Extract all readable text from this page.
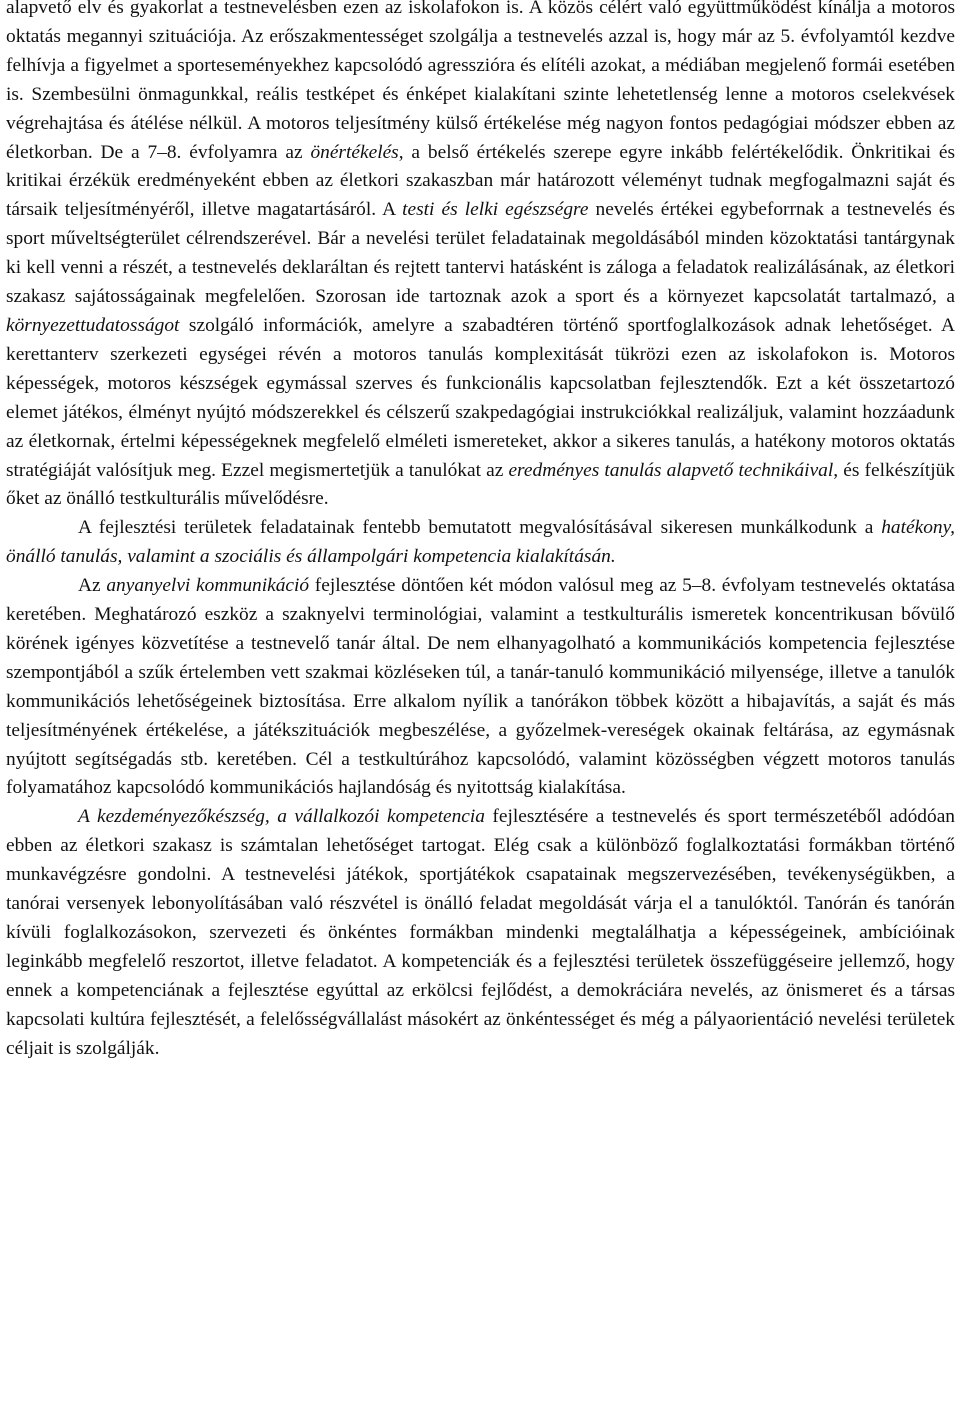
alapvető elv és gyakorlat a testnevelésben ezen az iskolafokon is. A közös célért való együttműködést kínálja a motoros oktatás megannyi szituációja. Az erőszakmentességet szolgálja a testnevelés azzal is, hogy már az 5. évfolyamtól kezdve felhívja a figyelmet a sporteseményekhez kapcsolódó agresszióra és elítéli azokat, a médiában megjelenő formái esetében is. Szembesülni önmagunkkal, reális testképet és énképet kialakítani szinte lehetetlenség lenne a motoros cselekvések végrehajtása és átélése nélkül. A motoros teljesítmény külső értékelése még nagyon fontos pedagógiai módszer ebben az életkorban. De a 7–8. évfolyamra az önértékelés, a belső értékelés szerepe egyre inkább felértékelődik. Önkritikai és kritikai érzékük eredményeként ebben az életkori szakaszban már határozott véleményt tudnak megfogalmazni saját és társaik teljesítményéről, illetve magatartásáról. A testi és lelki egészségre nevelés értékei egybeforrnak a testnevelés és sport műveltségterület célrendszerével. Bár a nevelési terület feladatainak megoldásából minden közoktatási tantárgynak ki kell venni a részét, a testnevelés deklaráltan és rejtett tantervi hatásként is záloga a feladatok realizálásának, az életkori szakasz sajátosságainak megfelelően. Szorosan ide tartoznak azok a sport és a környezet kapcsolatát tartalmazó, a környezettudatosságot szolgáló információk, amelyre a szabadtéren történő sportfoglalkozások adnak lehetőséget. A kerettanterv szerkezeti egységei révén a motoros tanulás komplexitását tükrözi ezen az iskolafokon is. Motoros képességek, motoros készségek egymással szerves és funkcionális kapcsolatban fejlesztendők. Ezt a két összetartozó elemet játékos, élményt nyújtó módszerekkel és célszerű szakpedagógiai instrukciókkal realizáljuk, valamint hozzáadunk az életkornak, értelmi képességeknek megfelelő elméleti ismereteket, akkor a sikeres tanulás, a hatékony motoros oktatás stratégiáját valósítjuk meg. Ezzel megismertetjük a tanulókat az eredményes tanulás alapvető technikáival, és felkészítjük őket az önálló testkulturális művelődésre.

A fejlesztési területek feladatainak fentebb bemutatott megvalósításával sikeresen munkálkodunk a hatékony, önálló tanulás, valamint a szociális és állampolgári kompetencia kialakításán.

Az anyanyelvi kommunikáció fejlesztése döntően két módon valósul meg az 5–8. évfolyam testnevelés oktatása keretében. Meghatározó eszköz a szaknyelvi terminológiai, valamint a testkulturális ismeretek koncentrikusan bővülő körének igényes közvetítése a testnevelő tanár által. De nem elhanyagolható a kommunikációs kompetencia fejlesztése szempontjából a szűk értelemben vett szakmai közléseken túl, a tanár-tanuló kommunikáció milyensége, illetve a tanulók kommunikációs lehetőségeinek biztosítása. Erre alkalom nyílik a tanórákon többek között a hibajavítás, a saját és más teljesítményének értékelése, a játékszituációk megbeszélése, a győzelmek-vereségek okainak feltárása, az egymásnak nyújtott segítségadás stb. keretében. Cél a testkultúrához kapcsolódó, valamint közösségben végzett motoros tanulás folyamatához kapcsolódó kommunikációs hajlandóság és nyitottság kialakítása.

A kezdeményezőkészség, a vállalkozói kompetencia fejlesztésére a testnevelés és sport természetéből adódóan ebben az életkori szakasz is számtalan lehetőséget tartogat. Elég csak a különböző foglalkoztatási formákban történő munkavégzésre gondolni. A testnevelési játékok, sportjátékok csapatainak megszervezésében, tevékenységükben, a tanórai versenyek lebonyolításában való részvétel is önálló feladat megoldását várja el a tanulóktól. Tanórán és tanórán kívüli foglalkozásokon, szervezeti és önkéntes formákban mindenki megtalálhatja a képességeinek, ambícióinak leginkább megfelelő reszortot, illetve feladatot. A kompetenciák és a fejlesztési területek összefüggéseire jellemző, hogy ennek a kompetenciának a fejlesztése egyúttal az erkölcsi fejlődést, a demokráciára nevelés, az önismeret és a társas kapcsolati kultúra fejlesztését, a felelősségvállalást másokért az önkéntességet és még a pályaorientáció nevelési területek céljait is szolgálják.
